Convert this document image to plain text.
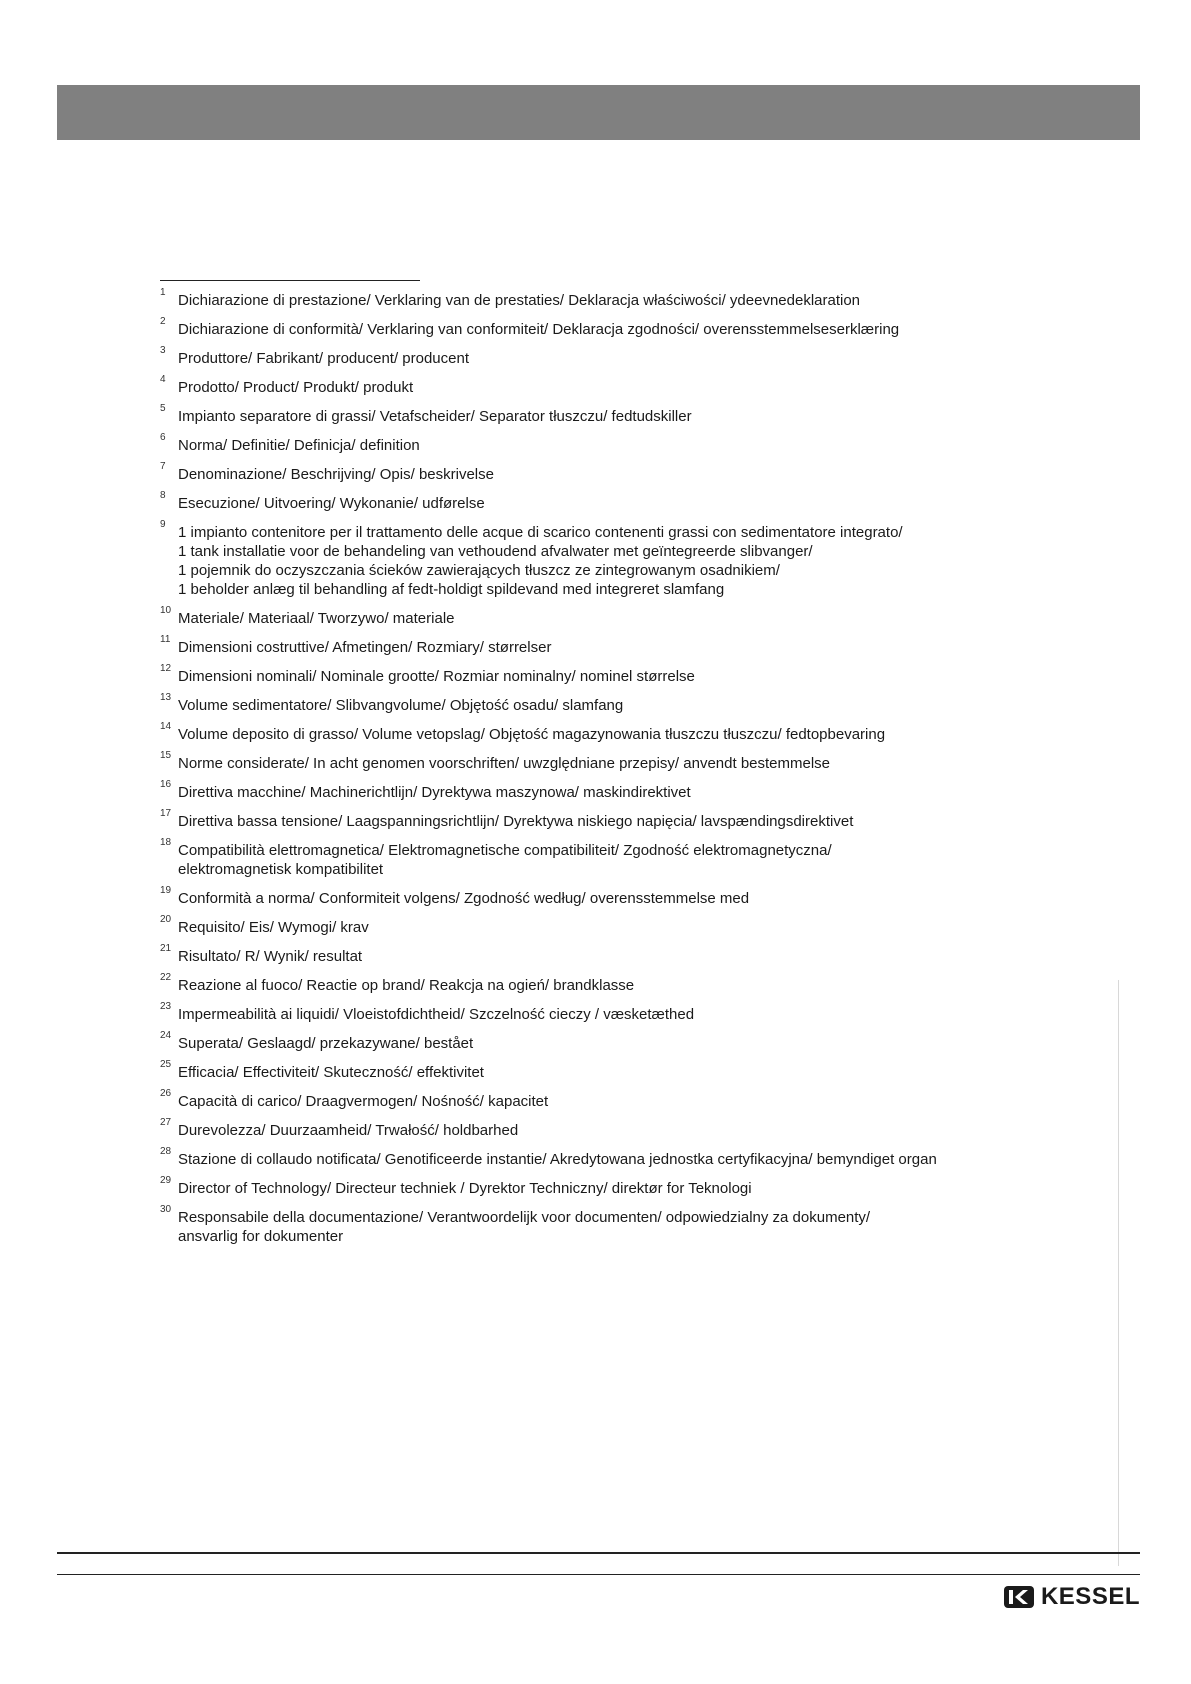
1 Dichiarazione di prestazione/ Verklaring van de prestaties/ Deklaracja właściwości/ ydeevnedeklaration
2 Dichiarazione di conformità/ Verklaring van conformiteit/ Deklaracja zgodności/ overensstemmelseserklæring
3 Produttore/ Fabrikant/ producent/ producent
4 Prodotto/ Product/ Produkt/ produkt
5 Impianto separatore di grassi/ Vetafscheider/ Separator tłuszczu/ fedtudskiller
6 Norma/ Definitie/ Definicja/ definition
7 Denominazione/ Beschrijving/ Opis/ beskrivelse
8 Esecuzione/ Uitvoering/ Wykonanie/ udførelse
9 1 impianto contenitore per il trattamento delle acque di scarico contenenti grassi con sedimentatore integrato/
1 tank installatie voor de behandeling van vethoudend afvalwater met geïntegreerde slibvanger/
1 pojemnik do oczyszczania ścieków zawierających tłuszcz ze zintegrowanym osadnikiem/
1 beholder anlæg til behandling af fedt-holdigt spildevand med integreret slamfang
10 Materiale/ Materiaal/ Tworzywo/ materiale
11 Dimensioni costruttive/ Afmetingen/ Rozmiary/ størrelser
12 Dimensioni nominali/ Nominale grootte/ Rozmiar nominalny/ nominel størrelse
13 Volume sedimentatore/ Slibvangvolume/ Objętość osadu/ slamfang
14 Volume deposito di grasso/ Volume vetopslag/ Objętość magazynowania tłuszczu tłuszczu/ fedtopbevaring
15 Norme considerate/ In acht genomen voorschriften/ uwzględniane przepisy/ anvendt bestemmelse
16 Direttiva macchine/ Machinerichtlijn/ Dyrektywa maszynowa/ maskindirektivet
17 Direttiva bassa tensione/ Laagspanningsrichtlijn/ Dyrektywa niskiego napięcia/ lavspændingsdirektivet
18 Compatibilità elettromagnetica/ Elektromagnetische compatibiliteit/ Zgodność elektromagnetyczna/
elektromagnetisk kompatibilitet
19 Conformità a norma/ Conformiteit volgens/ Zgodność według/ overensstemmelse med
20 Requisito/ Eis/ Wymogi/ krav
21 Risultato/ R/ Wynik/ resultat
22 Reazione al fuoco/ Reactie op brand/ Reakcja na ogień/ brandklasse
23 Impermeabilità ai liquidi/ Vloeistofdichtheid/ Szczelność cieczy / væsketæthed
24 Superata/ Geslaagd/ przekazywane/ bestået
25 Efficacia/ Effectiviteit/ Skuteczność/ effektivitet
26 Capacità di carico/ Draagvermogen/ Nośność/ kapacitet
27 Durevolezza/ Duurzaamheid/ Trwałość/ holdbarhed
28 Stazione di collaudo notificata/ Genotificeerde instantie/ Akredytowana jednostka certyfikacyjna/ bemyndiget organ
29 Director of Technology/ Directeur techniek / Dyrektor Techniczny/ direktør for Teknologi
30 Responsabile della documentazione/ Verantwoordelijk voor documenten/ odpowiedzialny za dokumenty/
ansvarlig for dokumenter
KESSEL
